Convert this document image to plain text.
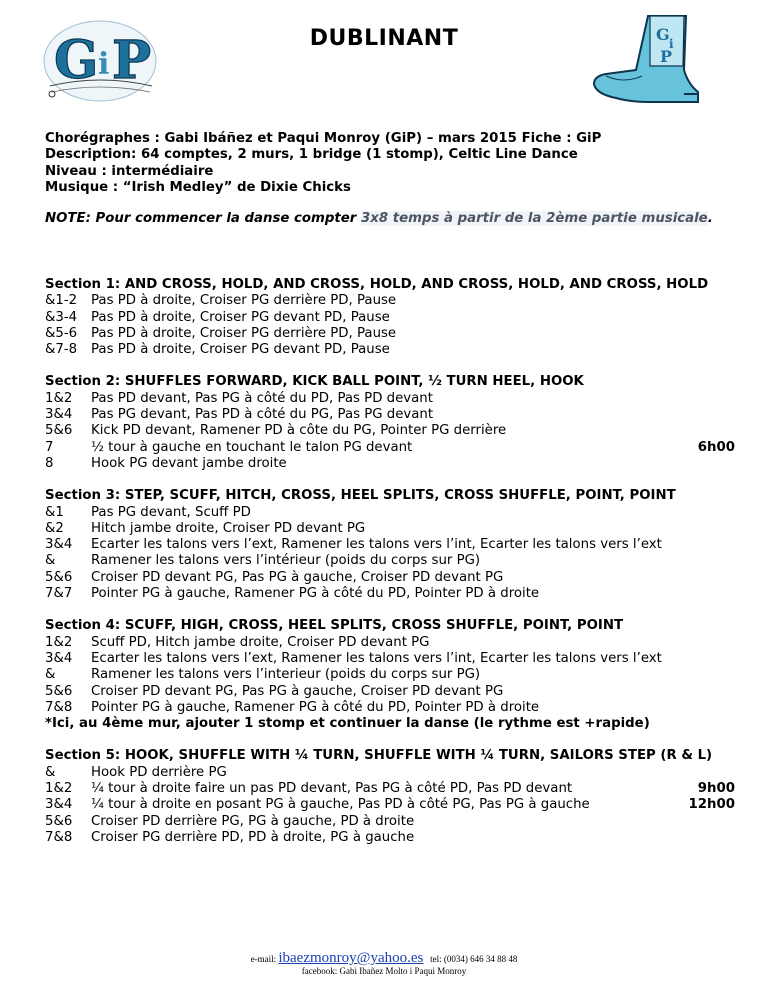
G i P	DUBLINANT	G i
P
Chorégraphes : Gabi Ibáñez et Paqui Monroy (GiP) – mars 2015 Fiche : GiP
Description: 64 comptes, 2 murs, 1 bridge (1 stomp), Celtic Line Dance
Niveau : intermédiaire
Musique : “Irish Medley” de Dixie Chicks
NOTE: Pour commencer la danse compter 3x8 temps à partir de la 2ème partie musicale.
Section 1: AND CROSS, HOLD, AND CROSS, HOLD, AND CROSS, HOLD, AND CROSS, HOLD
&1-2	Pas PD à droite, Croiser PG derrière PD, Pause
&3-4	Pas PD à droite, Croiser PG devant PD, Pause
&5-6	Pas PD à droite, Croiser PG derrière PD, Pause
&7-8	Pas PD à droite, Croiser PG devant PD, Pause
Section 2: SHUFFLES FORWARD, KICK BALL POINT, ½ TURN HEEL, HOOK
1&2	Pas PD devant, Pas PG à côté du PD, Pas PD devant
3&4	Pas PG devant, Pas PD à côté du PG, Pas PG devant
5&6	Kick PD devant, Ramener PD à côte du PG, Pointer PG derrière
7	½ tour à gauche en touchant le talon PG devant	6h00
8	Hook PG devant jambe droite
Section 3: STEP, SCUFF, HITCH, CROSS, HEEL SPLITS, CROSS SHUFFLE, POINT, POINT
&1	Pas PG devant, Scuff PD
&2	Hitch jambe droite, Croiser PD devant PG
3&4	Ecarter les talons vers l’ext, Ramener les talons vers l’int, Ecarter les talons vers l’ext
&	Ramener les talons vers l’intérieur (poids du corps sur PG)
5&6	Croiser PD devant PG, Pas PG à gauche, Croiser PD devant PG
7&7	Pointer PG à gauche, Ramener PG à côté du PD, Pointer PD à droite
Section 4: SCUFF, HIGH, CROSS, HEEL SPLITS, CROSS SHUFFLE, POINT, POINT
1&2	Scuff PD, Hitch jambe droite, Croiser PD devant PG
3&4	Ecarter les talons vers l’ext, Ramener les talons vers l’int, Ecarter les talons vers l’ext
&	Ramener les talons vers l’interieur (poids du corps sur PG)
5&6	Croiser PD devant PG, Pas PG à gauche, Croiser PD devant PG
7&8	Pointer PG à gauche, Ramener PG à côté du PD, Pointer PD à droite
*Ici, au 4ème mur, ajouter 1 stomp et continuer la danse (le rythme est +rapide)
Section 5: HOOK, SHUFFLE WITH ¼ TURN, SHUFFLE WITH ¼ TURN, SAILORS STEP (R & L)
&	Hook PD derrière PG
1&2	¼ tour à droite faire un pas PD devant, Pas PG à côté PD, Pas PD devant	9h00
3&4	¼ tour à droite en posant PG à gauche, Pas PD à côté PG, Pas PG à gauche	12h00
5&6	Croiser PD derrière PG, PG à gauche, PD à droite
7&8	Croiser PG derrière PD, PD à droite, PG à gauche
e-mail: ibaezmonroy@yahoo.es tel: (0034) 646 34 88 48
facebook: Gabi Ibañez Molto i Paqui Monroy
